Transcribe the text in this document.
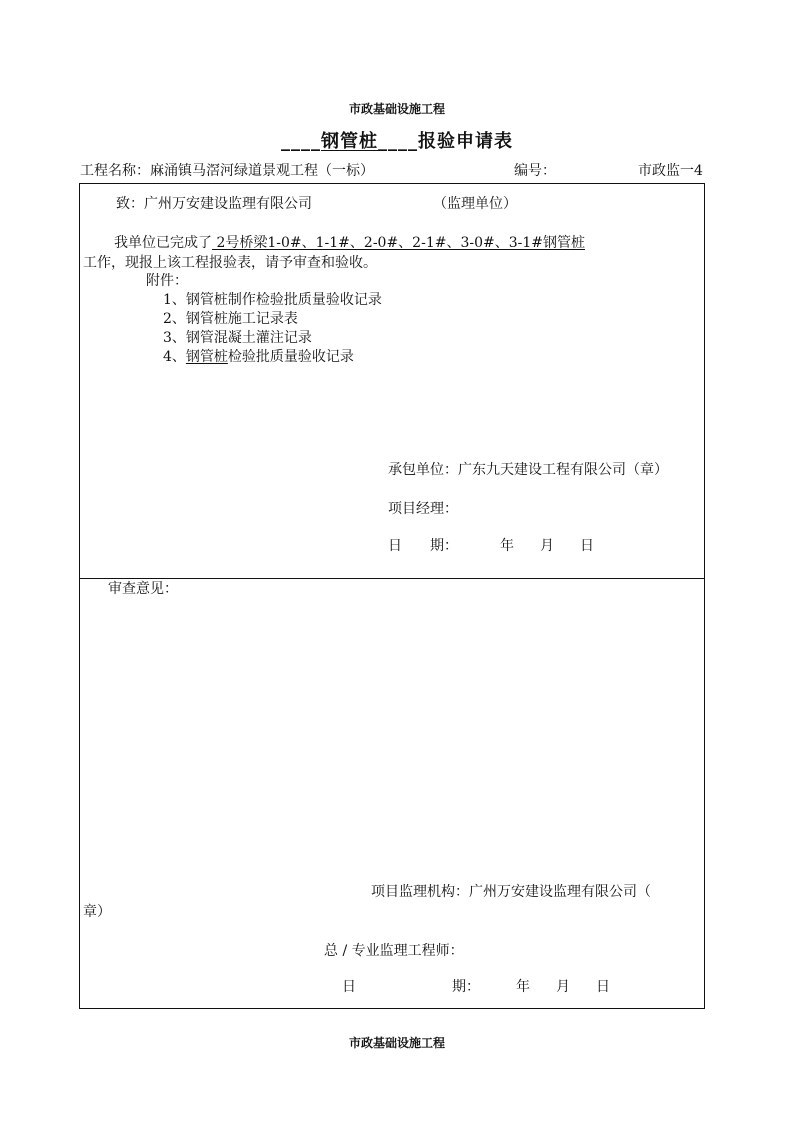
市政基础设施工程
____钢管桩____报验申请表
工程名称：麻涌镇马滘河绿道景观工程（一标）	编号：	市政监一4
致：广州万安建设监理有限公司	（监理单位）
我单位已完成了 2号桥梁1-0#、1-1#、2-0#、2-1#、3-0#、3-1#钢管桩
工作，现报上该工程报验表，请予审查和验收。
附件：
1、钢管桩制作检验批质量验收记录
2、钢管桩施工记录表
3、钢管混凝土灌注记录
4、钢管桩检验批质量验收记录
承包单位：广东九天建设工程有限公司（章）
项目经理：
日　　期：	年 月 日
审查意见：
项目监理机构：广州万安建设监理有限公司（
章）
总 / 专业监理工程师：
日	期：	年 月 日
市政基础设施工程
